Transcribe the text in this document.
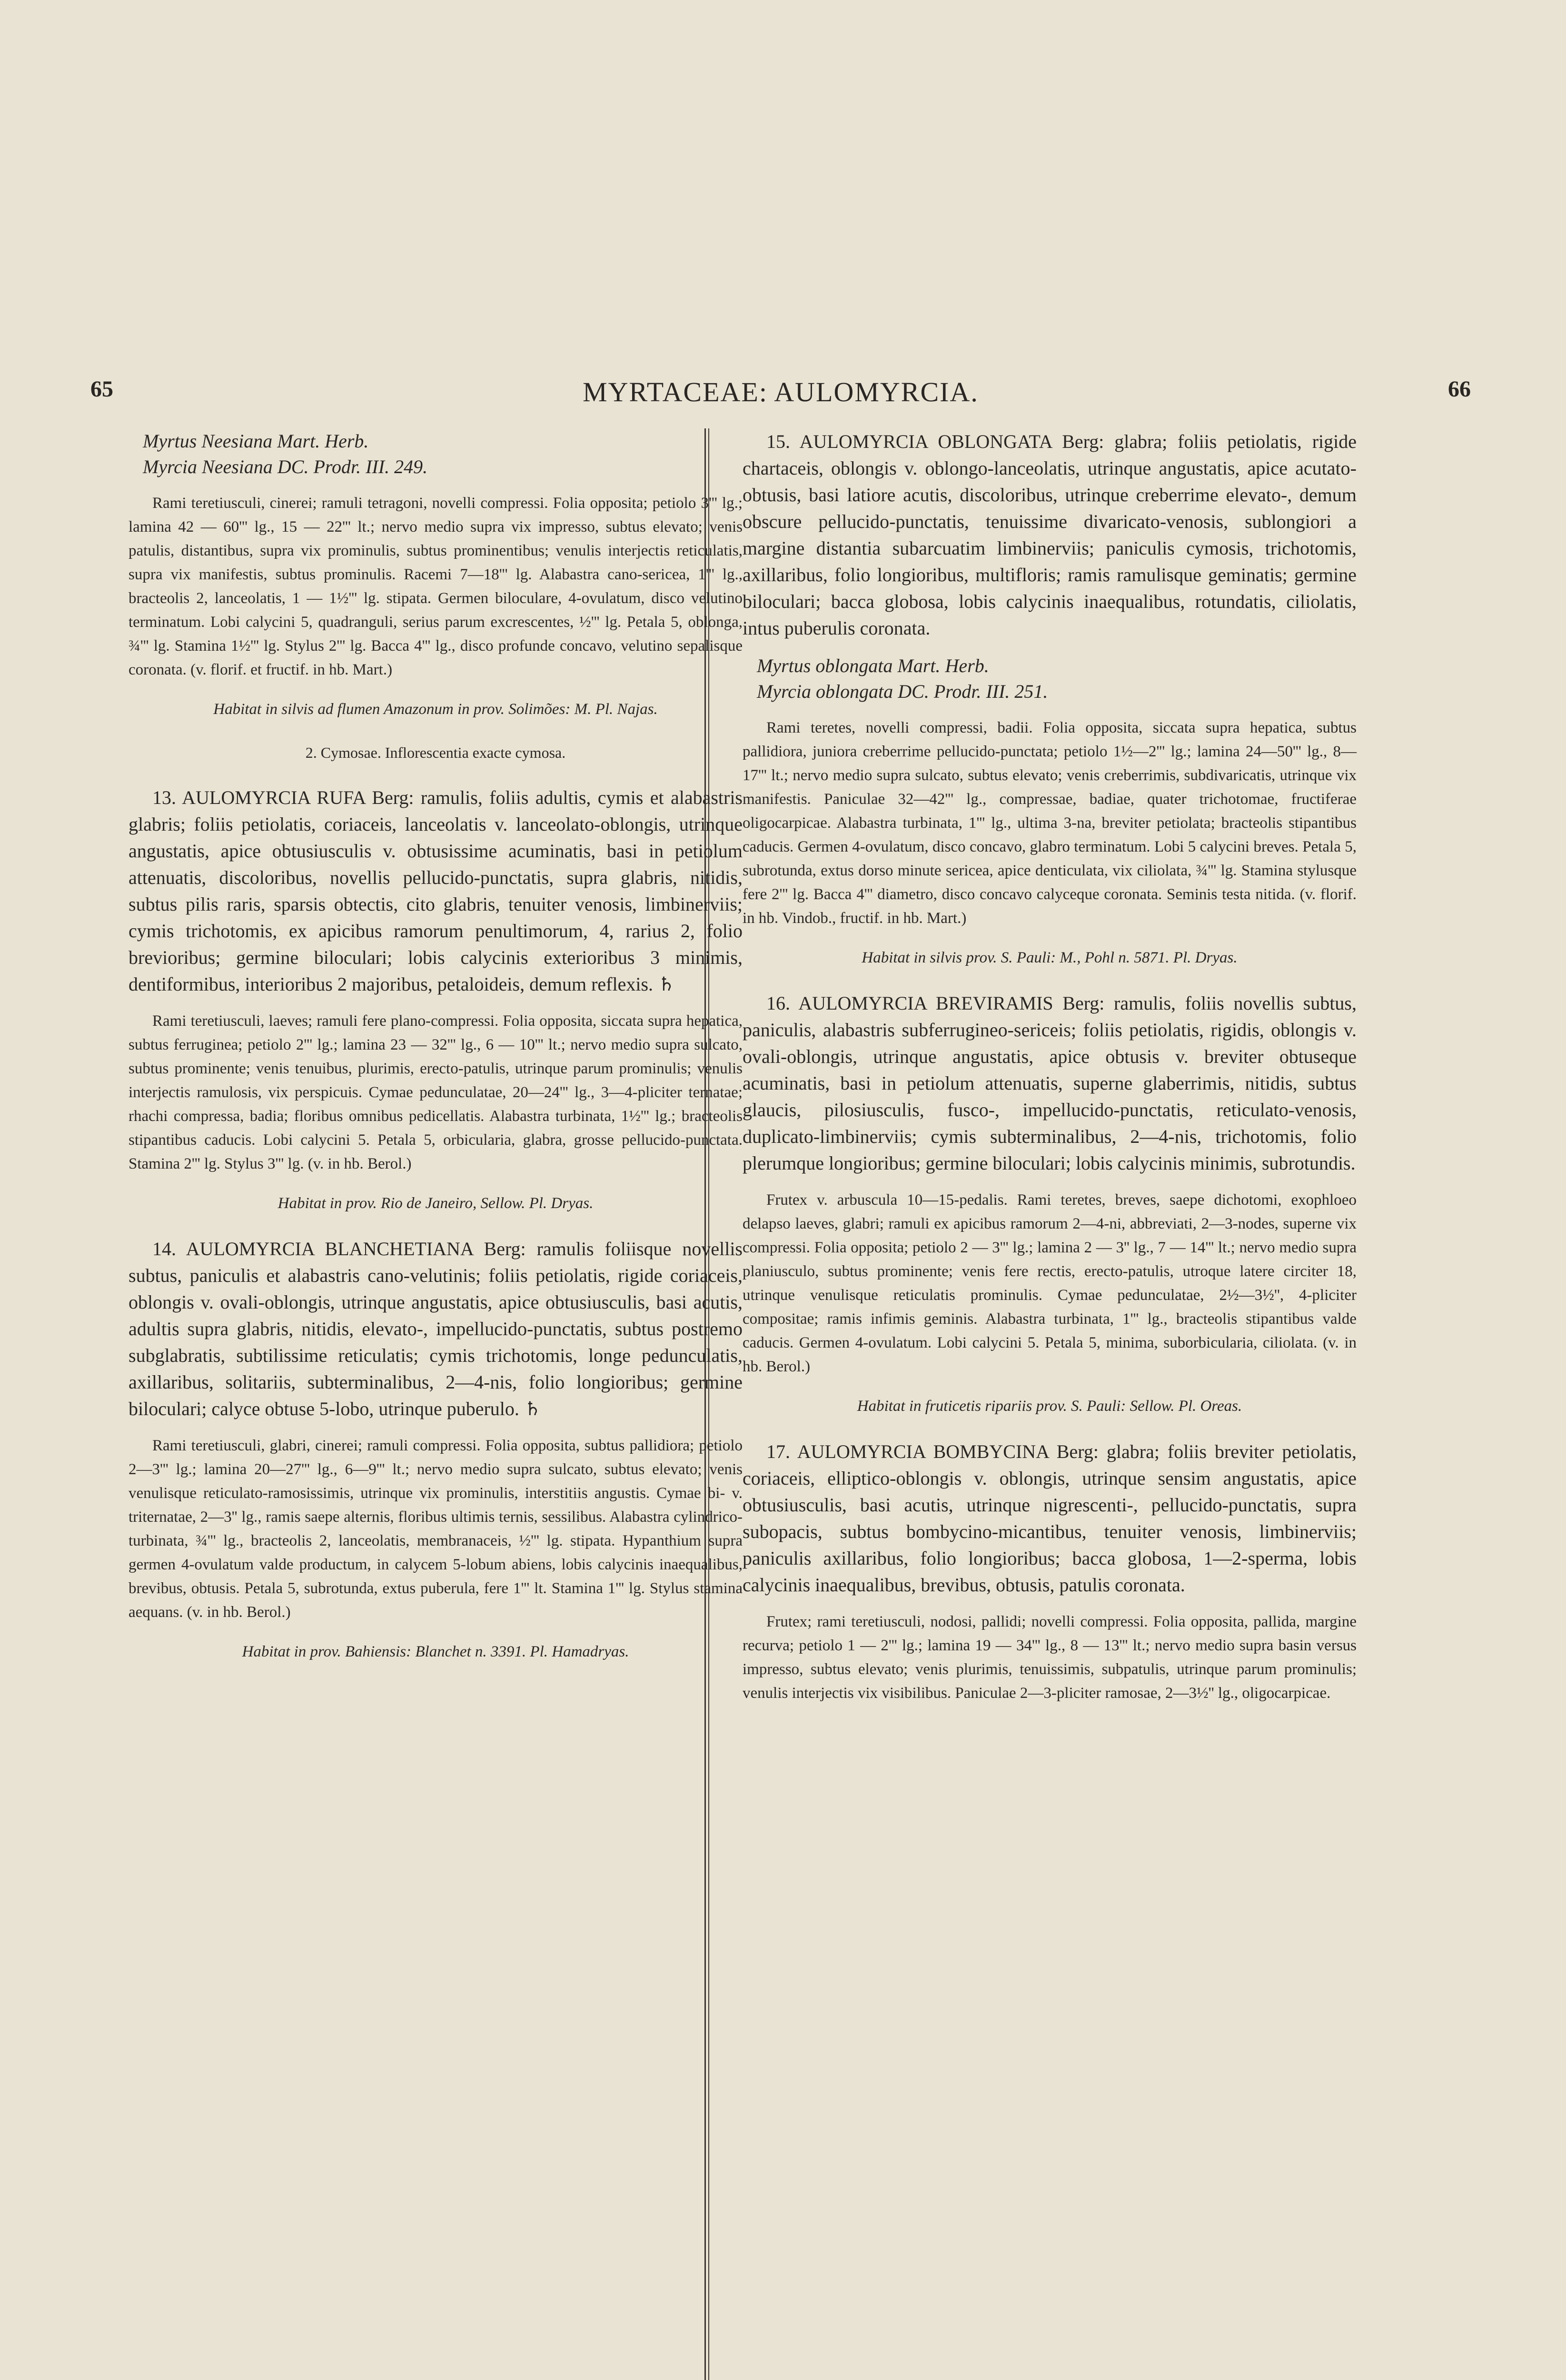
65	MYRTACEAE: AULOMYRCIA.	66

Myrtus Neesiana Mart. Herb.

Myrcia Neesiana DC. Prodr. III. 249.

Rami teretiusculi, cinerei; ramuli tetragoni, novelli compressi. Folia opposita; petiolo 3''' lg.; lamina 42 — 60''' lg., 15 — 22''' lt.; nervo medio supra vix impresso, subtus elevato; venis patulis, distantibus, supra vix prominulis, subtus prominentibus; venulis interjectis reticulatis, supra vix manifestis, subtus prominulis. Racemi 7—18''' lg. Alabastra cano-sericea, 1''' lg., bracteolis 2, lanceolatis, 1 — 1½''' lg. stipata. Germen biloculare, 4-ovulatum, disco velutino terminatum. Lobi calycini 5, quadranguli, serius parum excrescentes, ½''' lg. Petala 5, oblonga, ¾''' lg. Stamina 1½''' lg. Stylus 2''' lg. Bacca 4''' lg., disco profunde concavo, velutino sepalisque coronata. (v. florif. et fructif. in hb. Mart.)

Habitat in silvis ad flumen Amazonum in prov. Solimões: M. Pl. Najas.

2. Cymosae. Inflorescentia exacte cymosa.

13. AULOMYRCIA RUFA Berg: ramulis, foliis adultis, cymis et alabastris glabris; foliis petiolatis, coriaceis, lanceolatis v. lanceolato-oblongis, utrinque angustatis, apice obtusiusculis v. obtusissime acuminatis, basi in petiolum attenuatis, discoloribus, novellis pellucido-punctatis, supra glabris, nitidis, subtus pilis raris, sparsis obtectis, cito glabris, tenuiter venosis, limbinerviis; cymis trichotomis, ex apicibus ramorum penultimorum, 4, rarius 2, folio brevioribus; germine biloculari; lobis calycinis exterioribus 3 minimis, dentiformibus, interioribus 2 majoribus, petaloideis, demum reflexis. ♄

Rami teretiusculi, laeves; ramuli fere plano-compressi. Folia opposita, siccata supra hepatica, subtus ferruginea; petiolo 2''' lg.; lamina 23 — 32''' lg., 6 — 10''' lt.; nervo medio supra sulcato, subtus prominente; venis tenuibus, plurimis, erecto-patulis, utrinque parum prominulis; venulis interjectis ramulosis, vix perspicuis. Cymae pedunculatae, 20—24''' lg., 3—4-pliciter ternatae; rhachi compressa, badia; floribus omnibus pedicellatis. Alabastra turbinata, 1½''' lg.; bracteolis stipantibus caducis. Lobi calycini 5. Petala 5, orbicularia, glabra, grosse pellucido-punctata. Stamina 2''' lg. Stylus 3''' lg. (v. in hb. Berol.)

Habitat in prov. Rio de Janeiro, Sellow. Pl. Dryas.

14. AULOMYRCIA BLANCHETIANA Berg: ramulis foliisque novellis subtus, paniculis et alabastris cano-velutinis; foliis petiolatis, rigide coriaceis, oblongis v. ovali-oblongis, utrinque angustatis, apice obtusiusculis, basi acutis, adultis supra glabris, nitidis, elevato-, impellucido-punctatis, subtus postremo subglabratis, subtilissime reticulatis; cymis trichotomis, longe pedunculatis, axillaribus, solitariis, subterminalibus, 2—4-nis, folio longioribus; germine biloculari; calyce obtuse 5-lobo, utrinque puberulo. ♄

Rami teretiusculi, glabri, cinerei; ramuli compressi. Folia opposita, subtus pallidiora; petiolo 2—3''' lg.; lamina 20—27''' lg., 6—9''' lt.; nervo medio supra sulcato, subtus elevato; venis venulisque reticulato-ramosissimis, utrinque vix prominulis, interstitiis angustis. Cymae bi- v. triternatae, 2—3'' lg., ramis saepe alternis, floribus ultimis ternis, sessilibus. Alabastra cylindrico-turbinata, ¾''' lg., bracteolis 2, lanceolatis, membranaceis, ½''' lg. stipata. Hypanthium supra germen 4-ovulatum valde productum, in calycem 5-lobum abiens, lobis calycinis inaequalibus, brevibus, obtusis. Petala 5, subrotunda, extus puberula, fere 1''' lt. Stamina 1''' lg. Stylus stamina aequans. (v. in hb. Berol.)

Habitat in prov. Bahiensis: Blanchet n. 3391. Pl. Hamadryas.

15. AULOMYRCIA OBLONGATA Berg: glabra; foliis petiolatis, rigide chartaceis, oblongis v. oblongo-lanceolatis, utrinque angustatis, apice acutato-obtusis, basi latiore acutis, discoloribus, utrinque creberrime elevato-, demum obscure pellucido-punctatis, tenuissime divaricato-venosis, sublongiori a margine distantia subarcuatim limbinerviis; paniculis cymosis, trichotomis, axillaribus, folio longioribus, multifloris; ramis ramulisque geminatis; germine biloculari; bacca globosa, lobis calycinis inaequalibus, rotundatis, ciliolatis, intus puberulis coronata.

Myrtus oblongata Mart. Herb.

Myrcia oblongata DC. Prodr. III. 251.

Rami teretes, novelli compressi, badii. Folia opposita, siccata supra hepatica, subtus pallidiora, juniora creberrime pellucido-punctata; petiolo 1½—2''' lg.; lamina 24—50''' lg., 8—17''' lt.; nervo medio supra sulcato, subtus elevato; venis creberrimis, subdivaricatis, utrinque vix manifestis. Paniculae 32—42''' lg., compressae, badiae, quater trichotomae, fructiferae oligocarpicae. Alabastra turbinata, 1''' lg., ultima 3-na, breviter petiolata; bracteolis stipantibus caducis. Germen 4-ovulatum, disco concavo, glabro terminatum. Lobi 5 calycini breves. Petala 5, subrotunda, extus dorso minute sericea, apice denticulata, vix ciliolata, ¾''' lg. Stamina stylusque fere 2''' lg. Bacca 4''' diametro, disco concavo calyceque coronata. Seminis testa nitida. (v. florif. in hb. Vindob., fructif. in hb. Mart.)

Habitat in silvis prov. S. Pauli: M., Pohl n. 5871. Pl. Dryas.

16. AULOMYRCIA BREVIRAMIS Berg: ramulis, foliis novellis subtus, paniculis, alabastris subferrugineo-sericeis; foliis petiolatis, rigidis, oblongis v. ovali-oblongis, utrinque angustatis, apice obtusis v. breviter obtuseque acuminatis, basi in petiolum attenuatis, superne glaberrimis, nitidis, subtus glaucis, pilosiusculis, fusco-, impellucido-punctatis, reticulato-venosis, duplicato-limbinerviis; cymis subterminalibus, 2—4-nis, trichotomis, folio plerumque longioribus; germine biloculari; lobis calycinis minimis, subrotundis.

Frutex v. arbuscula 10—15-pedalis. Rami teretes, breves, saepe dichotomi, exophloeo delapso laeves, glabri; ramuli ex apicibus ramorum 2—4-ni, abbreviati, 2—3-nodes, superne vix compressi. Folia opposita; petiolo 2 — 3''' lg.; lamina 2 — 3'' lg., 7 — 14''' lt.; nervo medio supra planiusculo, subtus prominente; venis fere rectis, erecto-patulis, utroque latere circiter 18, utrinque venulisque reticulatis prominulis. Cymae pedunculatae, 2½—3½'', 4-pliciter compositae; ramis infimis geminis. Alabastra turbinata, 1''' lg., bracteolis stipantibus valde caducis. Germen 4-ovulatum. Lobi calycini 5. Petala 5, minima, suborbicularia, ciliolata. (v. in hb. Berol.)

Habitat in fruticetis ripariis prov. S. Pauli: Sellow. Pl. Oreas.

17. AULOMYRCIA BOMBYCINA Berg: glabra; foliis breviter petiolatis, coriaceis, elliptico-oblongis v. oblongis, utrinque sensim angustatis, apice obtusiusculis, basi acutis, utrinque nigrescenti-, pellucido-punctatis, supra subopacis, subtus bombycino-micantibus, tenuiter venosis, limbinerviis; paniculis axillaribus, folio longioribus; bacca globosa, 1—2-sperma, lobis calycinis inaequalibus, brevibus, obtusis, patulis coronata.

Frutex; rami teretiusculi, nodosi, pallidi; novelli compressi. Folia opposita, pallida, margine recurva; petiolo 1 — 2''' lg.; lamina 19 — 34''' lg., 8 — 13''' lt.; nervo medio supra basin versus impresso, subtus elevato; venis plurimis, tenuissimis, subpatulis, utrinque parum prominulis; venulis interjectis vix visibilibus. Paniculae 2—3-pliciter ramosae, 2—3½'' lg., oligocarpicae.
